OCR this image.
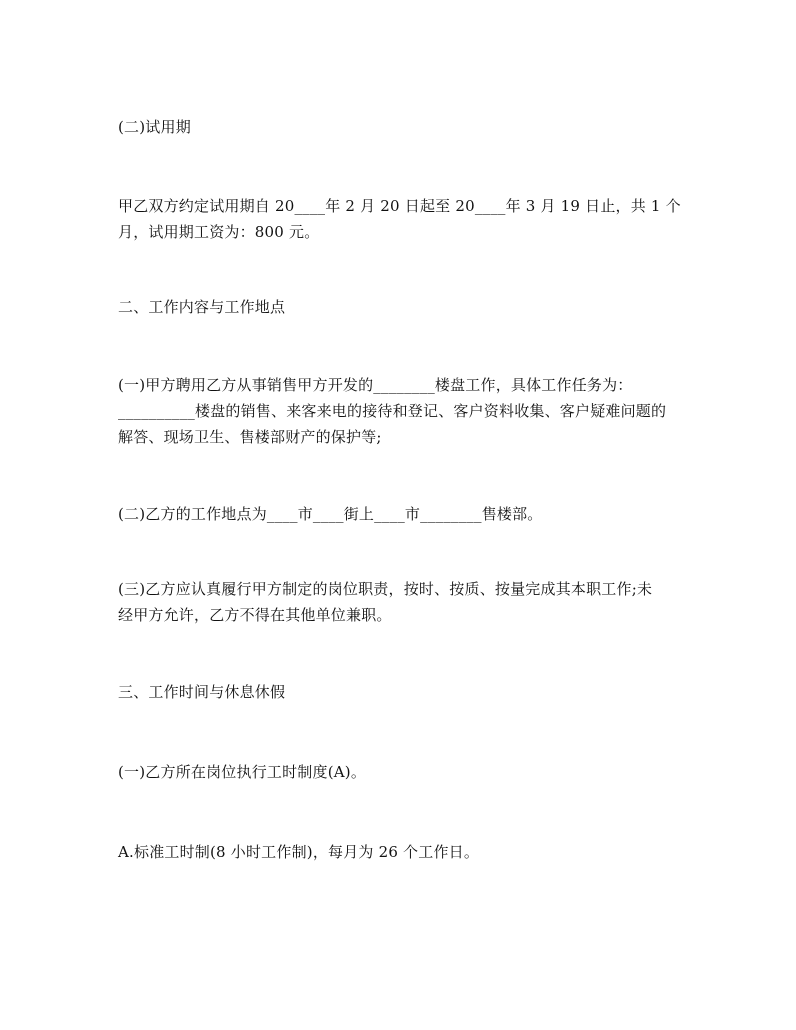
(二)试用期

甲乙双方约定试用期自 20____年 2 月 20 日起至 20____年 3 月 19 日止，共 1 个
月，试用期工资为：800 元。

二、工作内容与工作地点

(一)甲方聘用乙方从事销售甲方开发的________楼盘工作，具体工作任务为：
__________楼盘的销售、来客来电的接待和登记、客户资料收集、客户疑难问题的
解答、现场卫生、售楼部财产的保护等;

(二)乙方的工作地点为____市____街上____市________售楼部。

(三)乙方应认真履行甲方制定的岗位职责，按时、按质、按量完成其本职工作;未
经甲方允许，乙方不得在其他单位兼职。

三、工作时间与休息休假

(一)乙方所在岗位执行工时制度(A)。

A.标准工时制(8 小时工作制)，每月为 26 个工作日。
